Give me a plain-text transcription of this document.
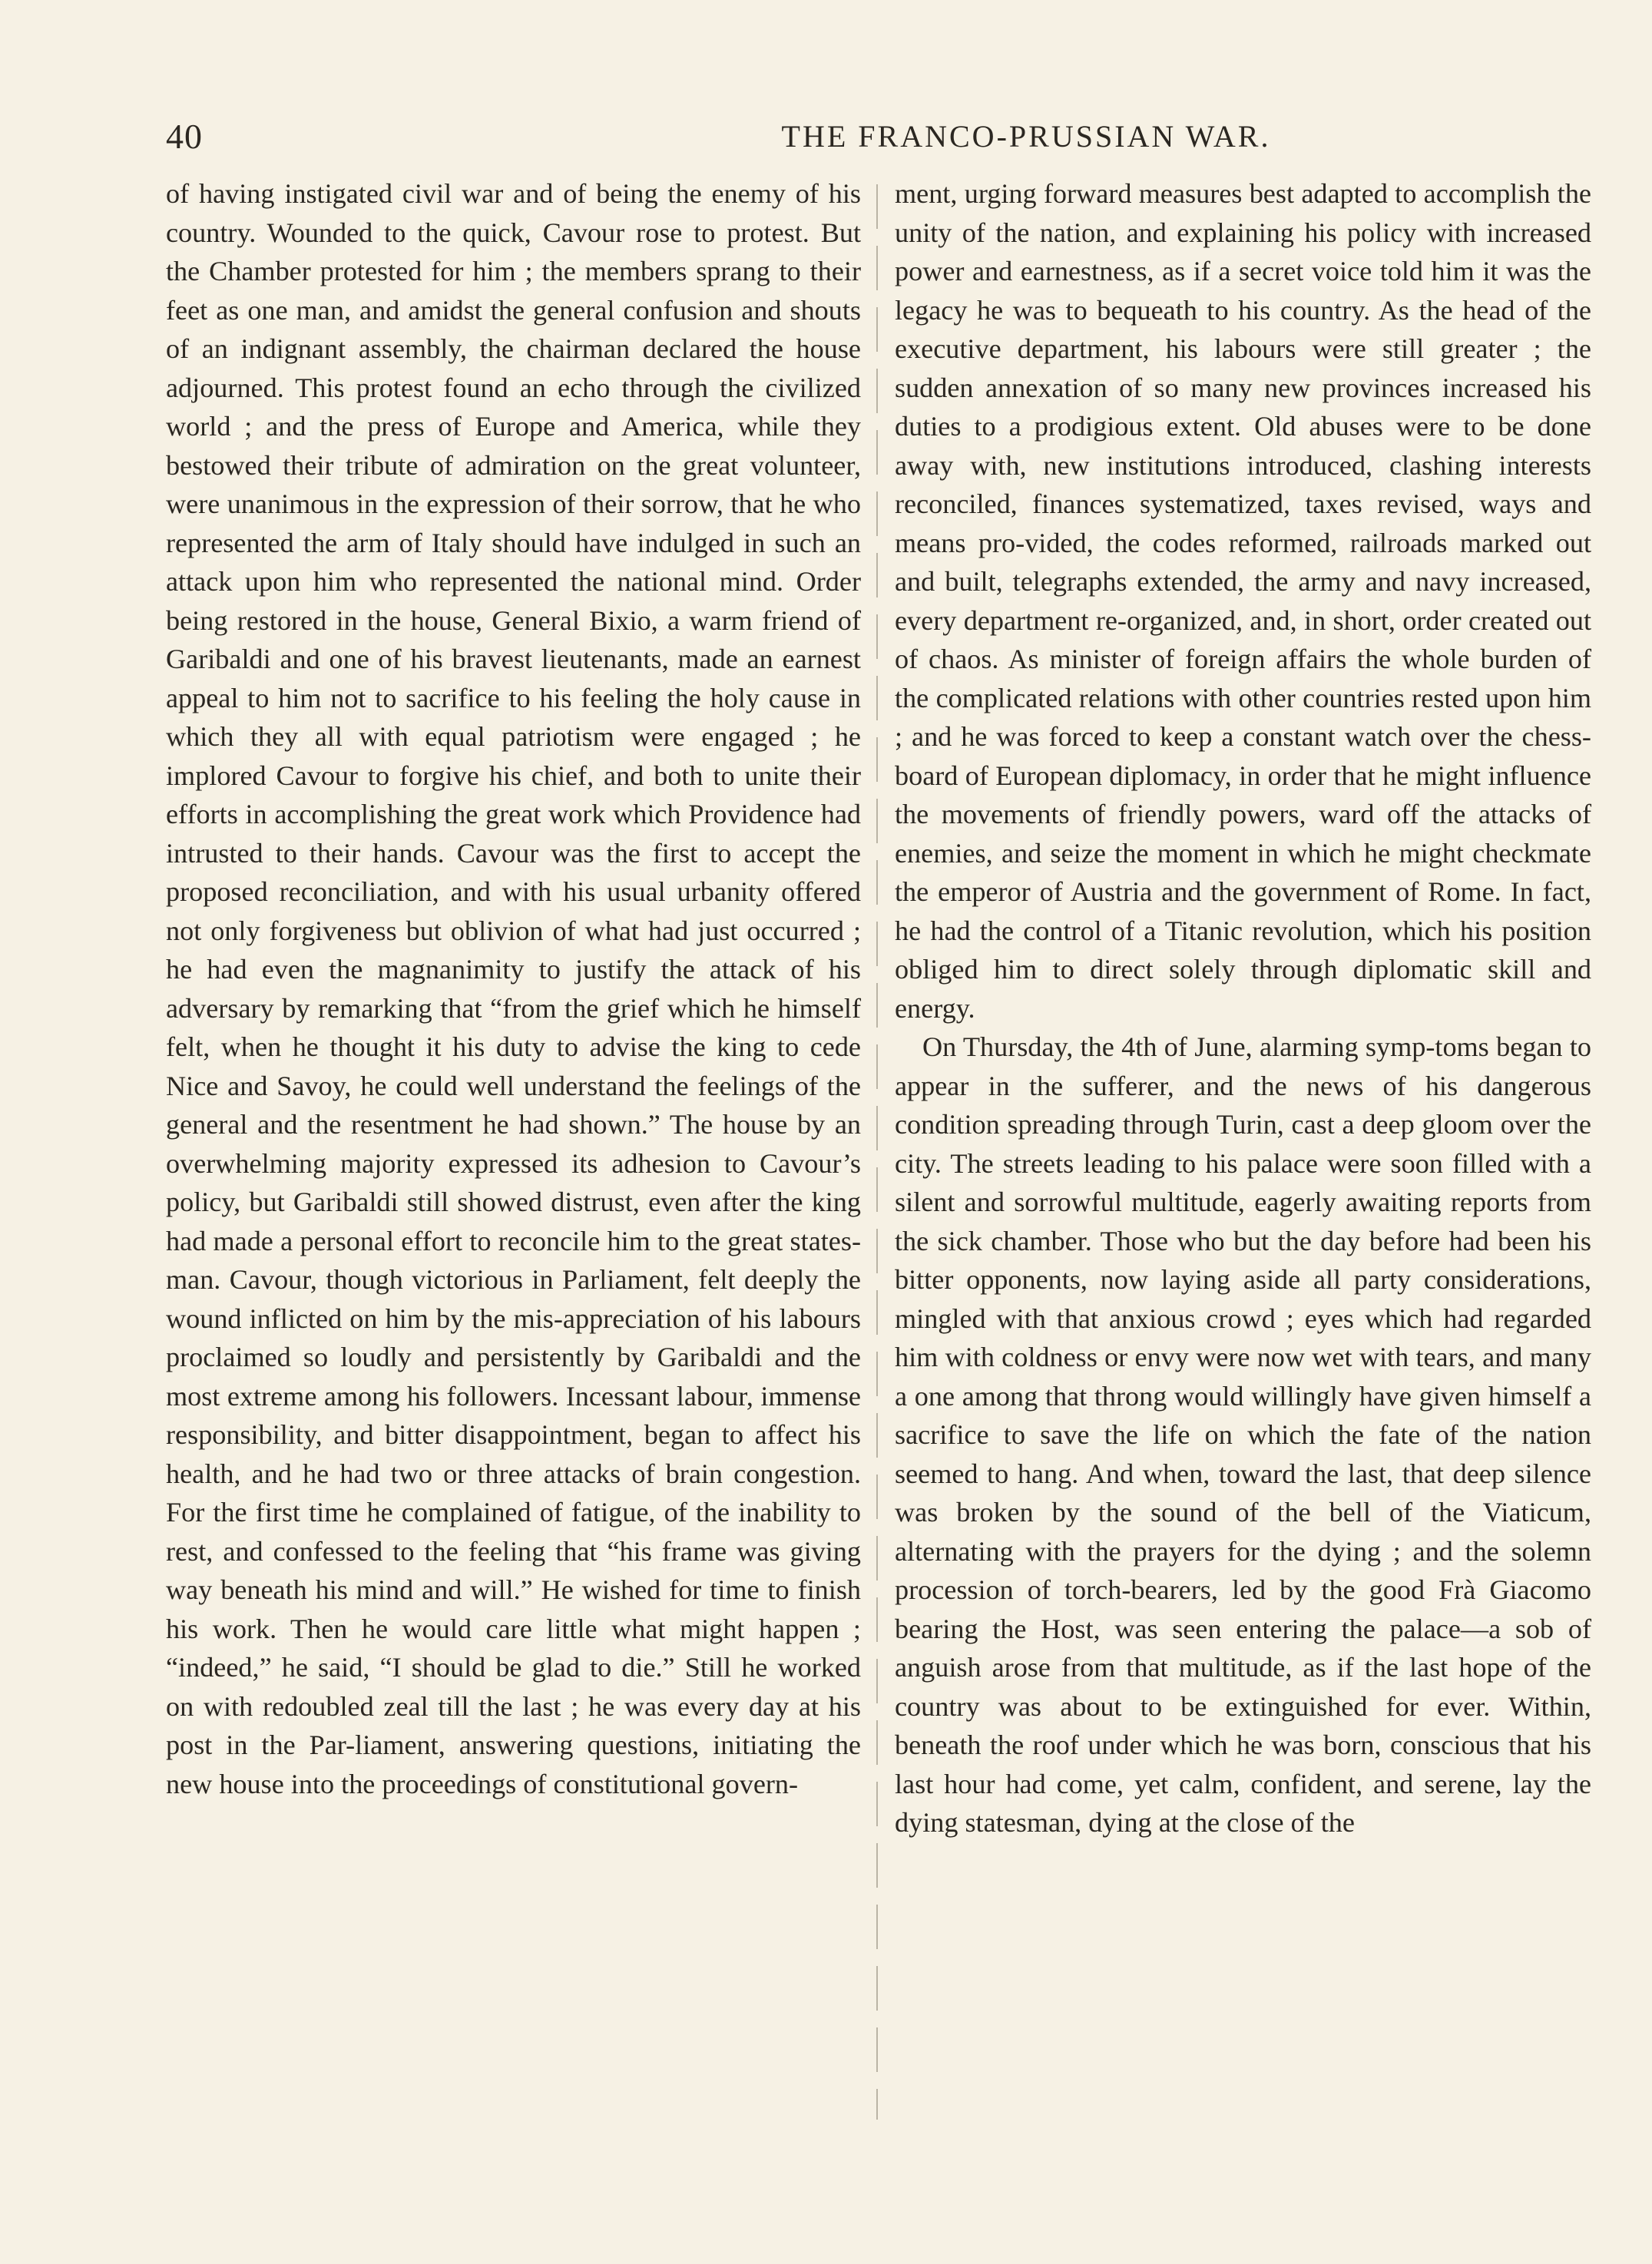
40	THE FRANCO-PRUSSIAN WAR.

of having instigated civil war and of being the enemy of his country. Wounded to the quick, Cavour rose to protest. But the Chamber protested for him ; the members sprang to their feet as one man, and amidst the general confusion and shouts of an indignant assembly, the chairman declared the house adjourned. This protest found an echo through the civilized world ; and the press of Europe and America, while they bestowed their tribute of admiration on the great volunteer, were unanimous in the expression of their sorrow, that he who represented the arm of Italy should have indulged in such an attack upon him who represented the national mind. Order being restored in the house, General Bixio, a warm friend of Garibaldi and one of his bravest lieutenants, made an earnest appeal to him not to sacrifice to his feeling the holy cause in which they all with equal patriotism were engaged ; he implored Cavour to forgive his chief, and both to unite their efforts in accomplishing the great work which Providence had intrusted to their hands. Cavour was the first to accept the proposed reconciliation, and with his usual urbanity offered not only forgiveness but oblivion of what had just occurred ; he had even the magnanimity to justify the attack of his adversary by remarking that “from the grief which he himself felt, when he thought it his duty to advise the king to cede Nice and Savoy, he could well understand the feelings of the general and the resentment he had shown.” The house by an overwhelming majority expressed its adhesion to Cavour’s policy, but Garibaldi still showed distrust, even after the king had made a personal effort to reconcile him to the great states-man. Cavour, though victorious in Parliament, felt deeply the wound inflicted on him by the mis-appreciation of his labours proclaimed so loudly and persistently by Garibaldi and the most extreme among his followers. Incessant labour, immense responsibility, and bitter disappointment, began to affect his health, and he had two or three attacks of brain congestion. For the first time he complained of fatigue, of the inability to rest, and confessed to the feeling that “his frame was giving way beneath his mind and will.” He wished for time to finish his work. Then he would care little what might happen ; “indeed,” he said, “I should be glad to die.” Still he worked on with redoubled zeal till the last ; he was every day at his post in the Par-liament, answering questions, initiating the new house into the proceedings of constitutional govern-

ment, urging forward measures best adapted to accomplish the unity of the nation, and explaining his policy with increased power and earnestness, as if a secret voice told him it was the legacy he was to bequeath to his country. As the head of the executive department, his labours were still greater ; the sudden annexation of so many new provinces increased his duties to a prodigious extent. Old abuses were to be done away with, new institutions introduced, clashing interests reconciled, finances systematized, taxes revised, ways and means pro-vided, the codes reformed, railroads marked out and built, telegraphs extended, the army and navy increased, every department re-organized, and, in short, order created out of chaos. As minister of foreign affairs the whole burden of the complicated relations with other countries rested upon him ; and he was forced to keep a constant watch over the chess-board of European diplomacy, in order that he might influence the movements of friendly powers, ward off the attacks of enemies, and seize the moment in which he might checkmate the emperor of Austria and the government of Rome. In fact, he had the control of a Titanic revolution, which his position obliged him to direct solely through diplomatic skill and energy.

On Thursday, the 4th of June, alarming symp-toms began to appear in the sufferer, and the news of his dangerous condition spreading through Turin, cast a deep gloom over the city. The streets leading to his palace were soon filled with a silent and sorrowful multitude, eagerly awaiting reports from the sick chamber. Those who but the day before had been his bitter opponents, now laying aside all party considerations, mingled with that anxious crowd ; eyes which had regarded him with coldness or envy were now wet with tears, and many a one among that throng would willingly have given himself a sacrifice to save the life on which the fate of the nation seemed to hang. And when, toward the last, that deep silence was broken by the sound of the bell of the Viaticum, alternating with the prayers for the dying ; and the solemn procession of torch-bearers, led by the good Frà Giacomo bearing the Host, was seen entering the palace—a sob of anguish arose from that multitude, as if the last hope of the country was about to be extinguished for ever. Within, beneath the roof under which he was born, conscious that his last hour had come, yet calm, confident, and serene, lay the dying statesman, dying at the close of the
